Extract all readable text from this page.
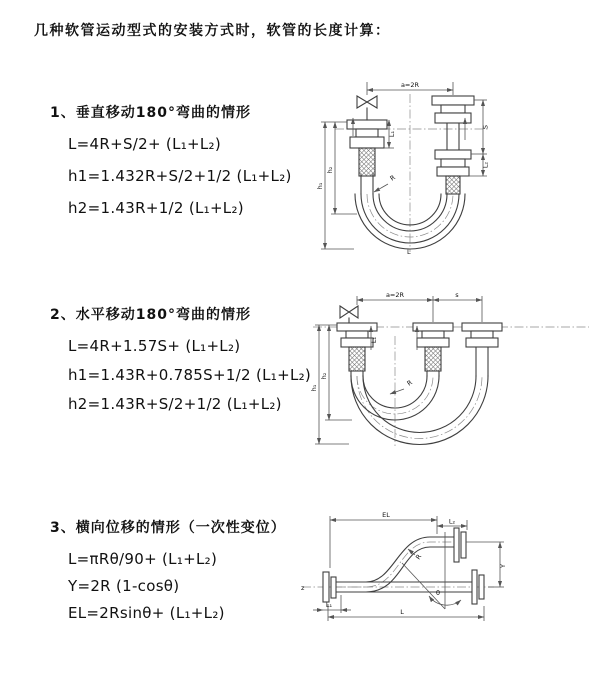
几种软管运动型式的安装方式时，软管的长度计算：
1、垂直移动180°弯曲的情形
L=4R+S/2+ (L₁+L₂)
h1=1.432R+S/2+1/2 (L₁+L₂)
h2=1.43R+1/2 (L₁+L₂)
2、水平移动180°弯曲的情形
L=4R+1.57S+ (L₁+L₂)
h1=1.43R+0.785S+1/2 (L₁+L₂)
h2=1.43R+S/2+1/2 (L₁+L₂)
3、横向位移的情形（一次性变位）
L=πRθ/90+ (L₁+L₂)
Y=2R (1-cosθ)
EL=2Rsinθ+ (L₁+L₂)
a=2R
S
L₂
h₁
h₂
L₁
R
L
a=2R	s
h₁
h₂
L₁
R
EL
L₂
Y
R
θ
z
L₁
L
